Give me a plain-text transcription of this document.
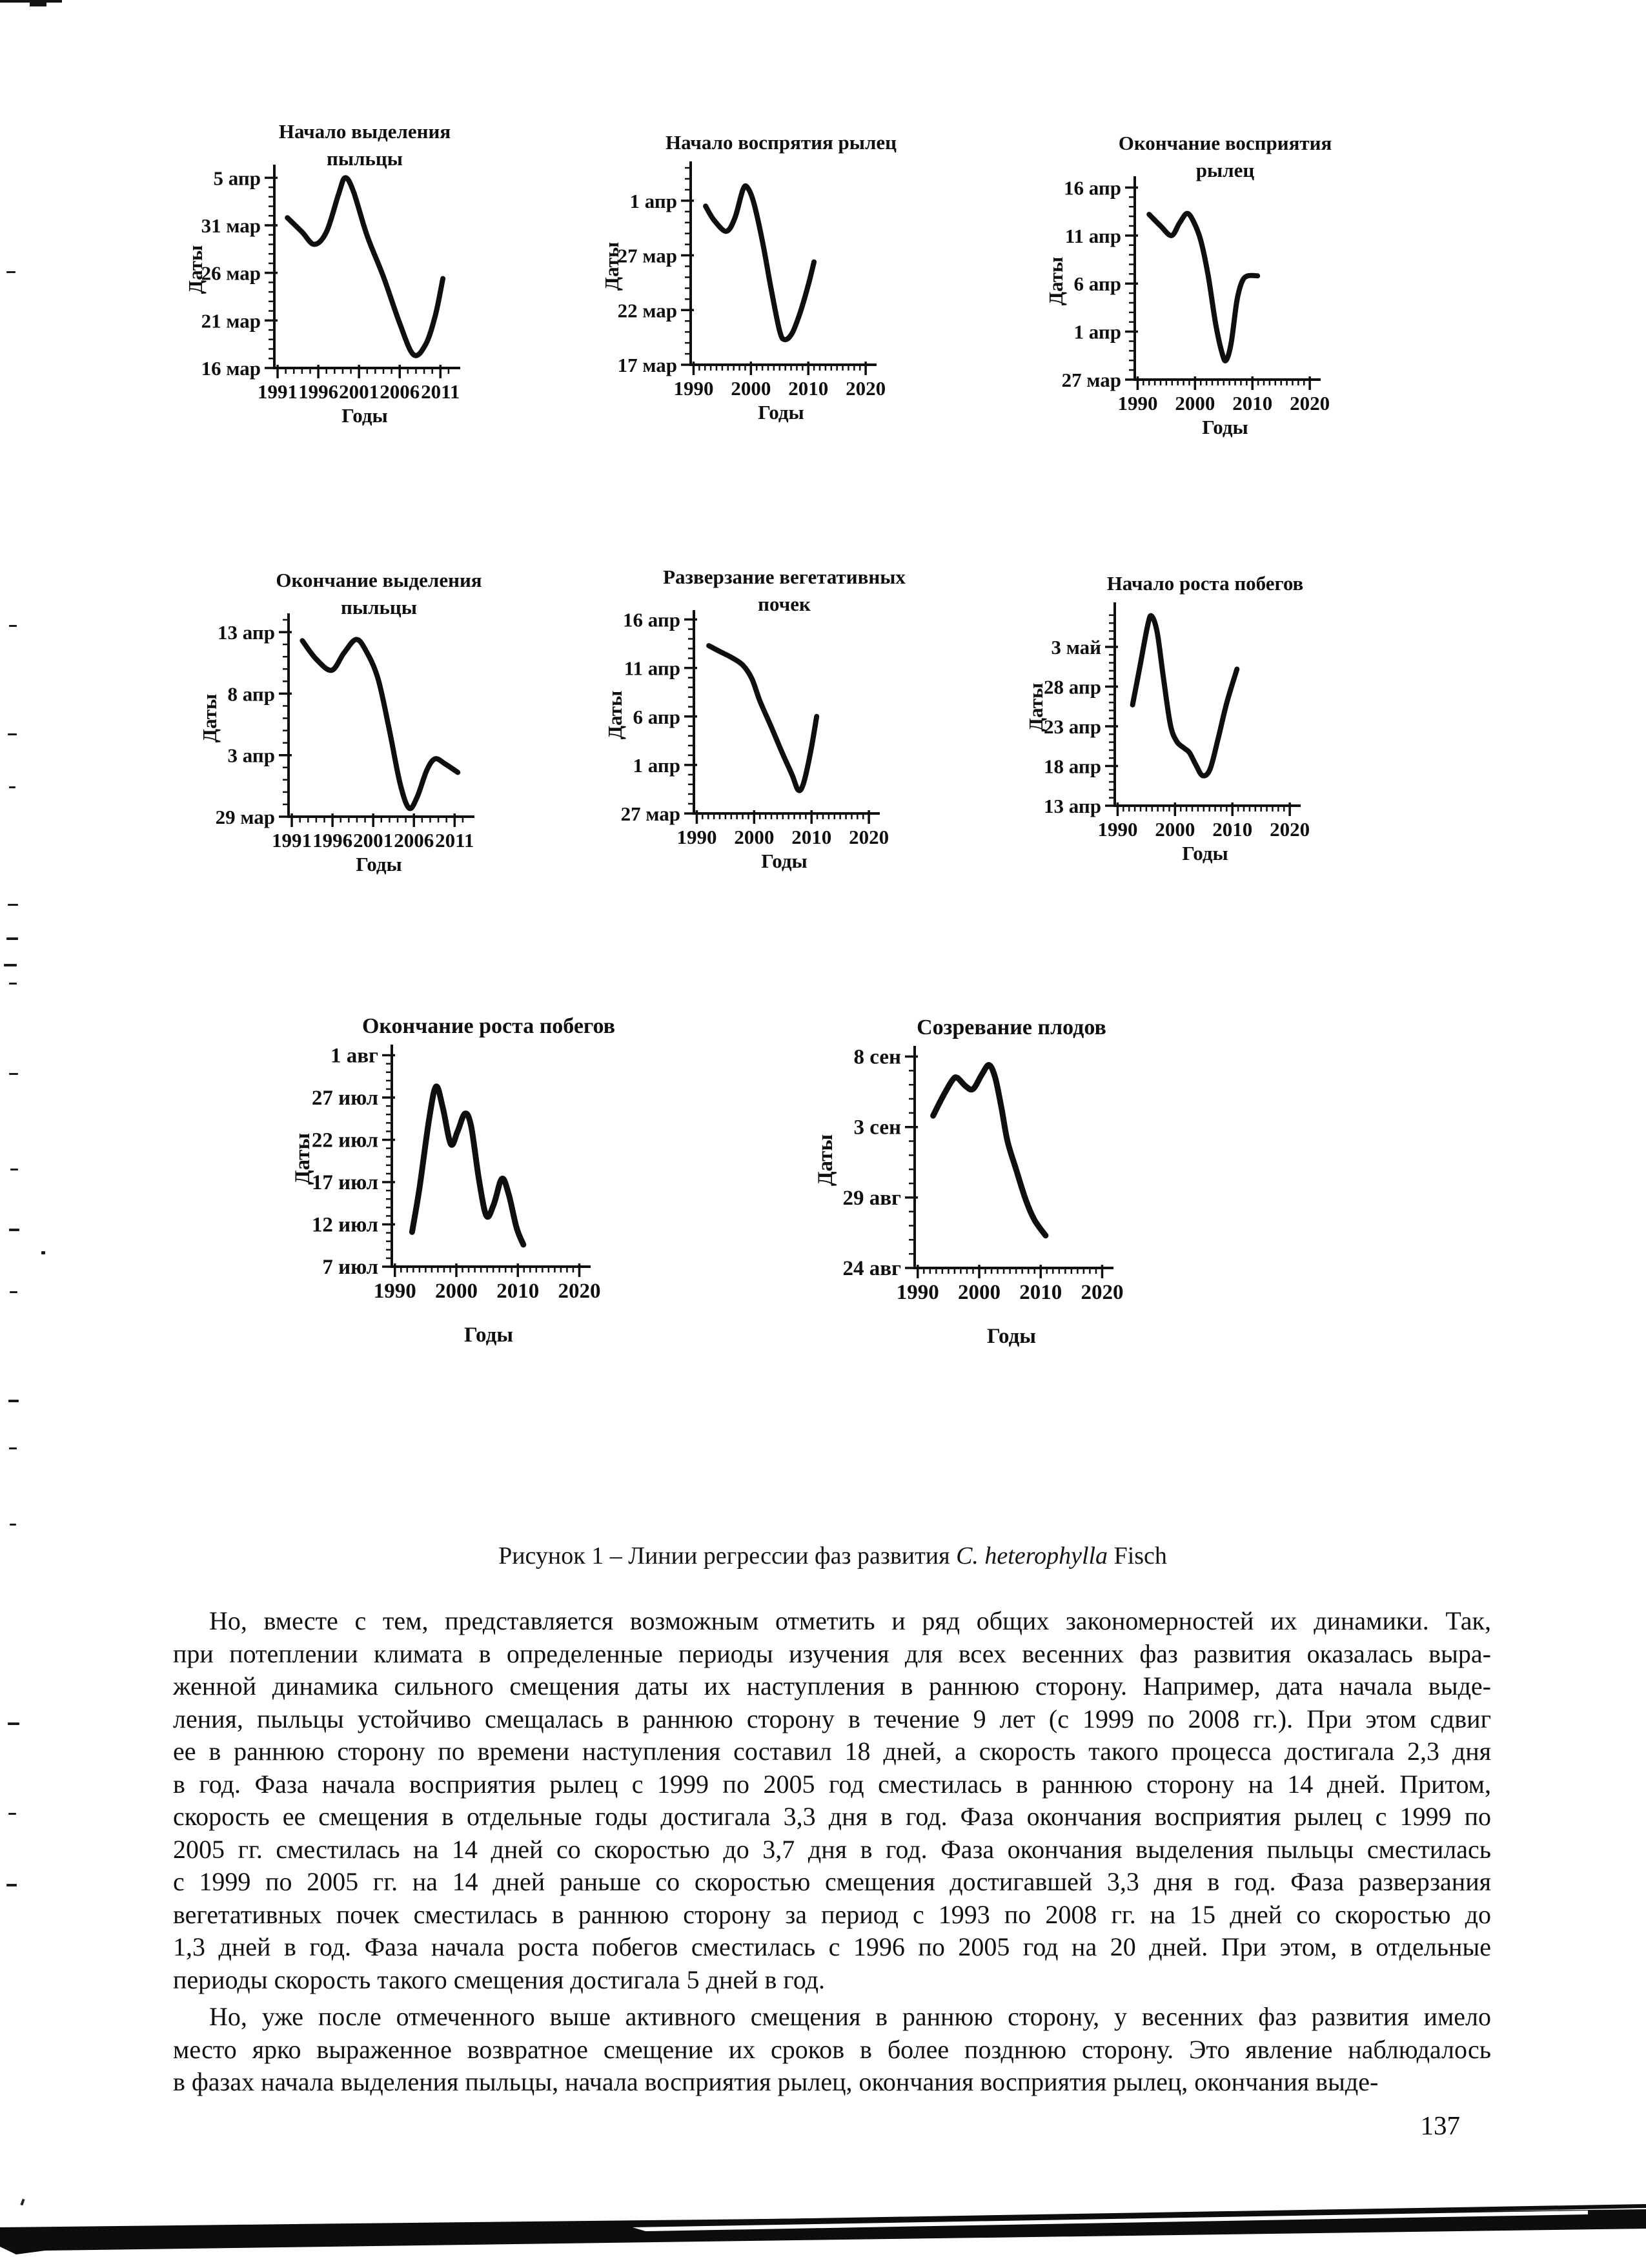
Начало выделения
пыльцы
5 апр
31 мар
26 мар
21 мар
16 мар
1991 1996 2001 2006 2011
Даты
Годы
Начало воспрятия рылец
1 апр
27 мар
22 мар
17 мар
1990 2000 2010 2020
Даты
Годы
Окончание восприятия
рылец
16 апр
11 апр
6 апр
1 апр
27 мар
1990 2000 2010 2020
Даты
Годы
Окончание выделения
пыльцы
13 апр
8 апр
3 апр
29 мар
1991 1996 2001 2006 2011
Даты
Годы
Разверзание вегетативных
почек
16 апр
11 апр
6 апр
1 апр
27 мар
1990 2000 2010 2020
Даты
Годы
Начало роста побегов
3 май
28 апр
23 апр
18 апр
13 апр
1990 2000 2010 2020
Даты
Годы
Окончание роста побегов
1 авг
27 июл
22 июл
17 июл
12 июл
7 июл
1990 2000 2010 2020
Даты
Годы
Созревание плодов
8 сен
3 сен
29 авг
24 авг
1990 2000 2010 2020
Даты
Годы
Рисунок 1 – Линии регрессии фаз развития C. heterophylla Fisch
Но, вместе с тем, представляется возможным отметить и ряд общих закономерностей их динамики. Так,
при потеплении климата в определенные периоды изучения для всех весенних фаз развития оказалась выра-
женной динамика сильного смещения даты их наступления в раннюю сторону. Например, дата начала выде-
ления, пыльцы устойчиво смещалась в раннюю сторону в течение 9 лет (с 1999 по 2008 гг.). При этом сдвиг
ее в раннюю сторону по времени наступления составил 18 дней, а скорость такого процесса достигала 2,3 дня
в год. Фаза начала восприятия рылец с 1999 по 2005 год сместилась в раннюю сторону на 14 дней. Притом,
скорость ее смещения в отдельные годы достигала 3,3 дня в год. Фаза окончания восприятия рылец с 1999 по
2005 гг. сместилась на 14 дней со скоростью до 3,7 дня в год. Фаза окончания выделения пыльцы сместилась
с 1999 по 2005 гг. на 14 дней раньше со скоростью смещения достигавшей 3,3 дня в год. Фаза разверзания
вегетативных почек сместилась в раннюю сторону за период с 1993 по 2008 гг. на 15 дней со скоростью до
1,3 дней в год. Фаза начала роста побегов сместилась с 1996 по 2005 год на 20 дней. При этом, в отдельные
периоды скорость такого смещения достигала 5 дней в год.
Но, уже после отмеченного выше активного смещения в раннюю сторону, у весенних фаз развития имело
место ярко выраженное возвратное смещение их сроков в более позднюю сторону. Это явление наблюдалось
в фазах начала выделения пыльцы, начала восприятия рылец, окончания восприятия рылец, окончания выде-
137
